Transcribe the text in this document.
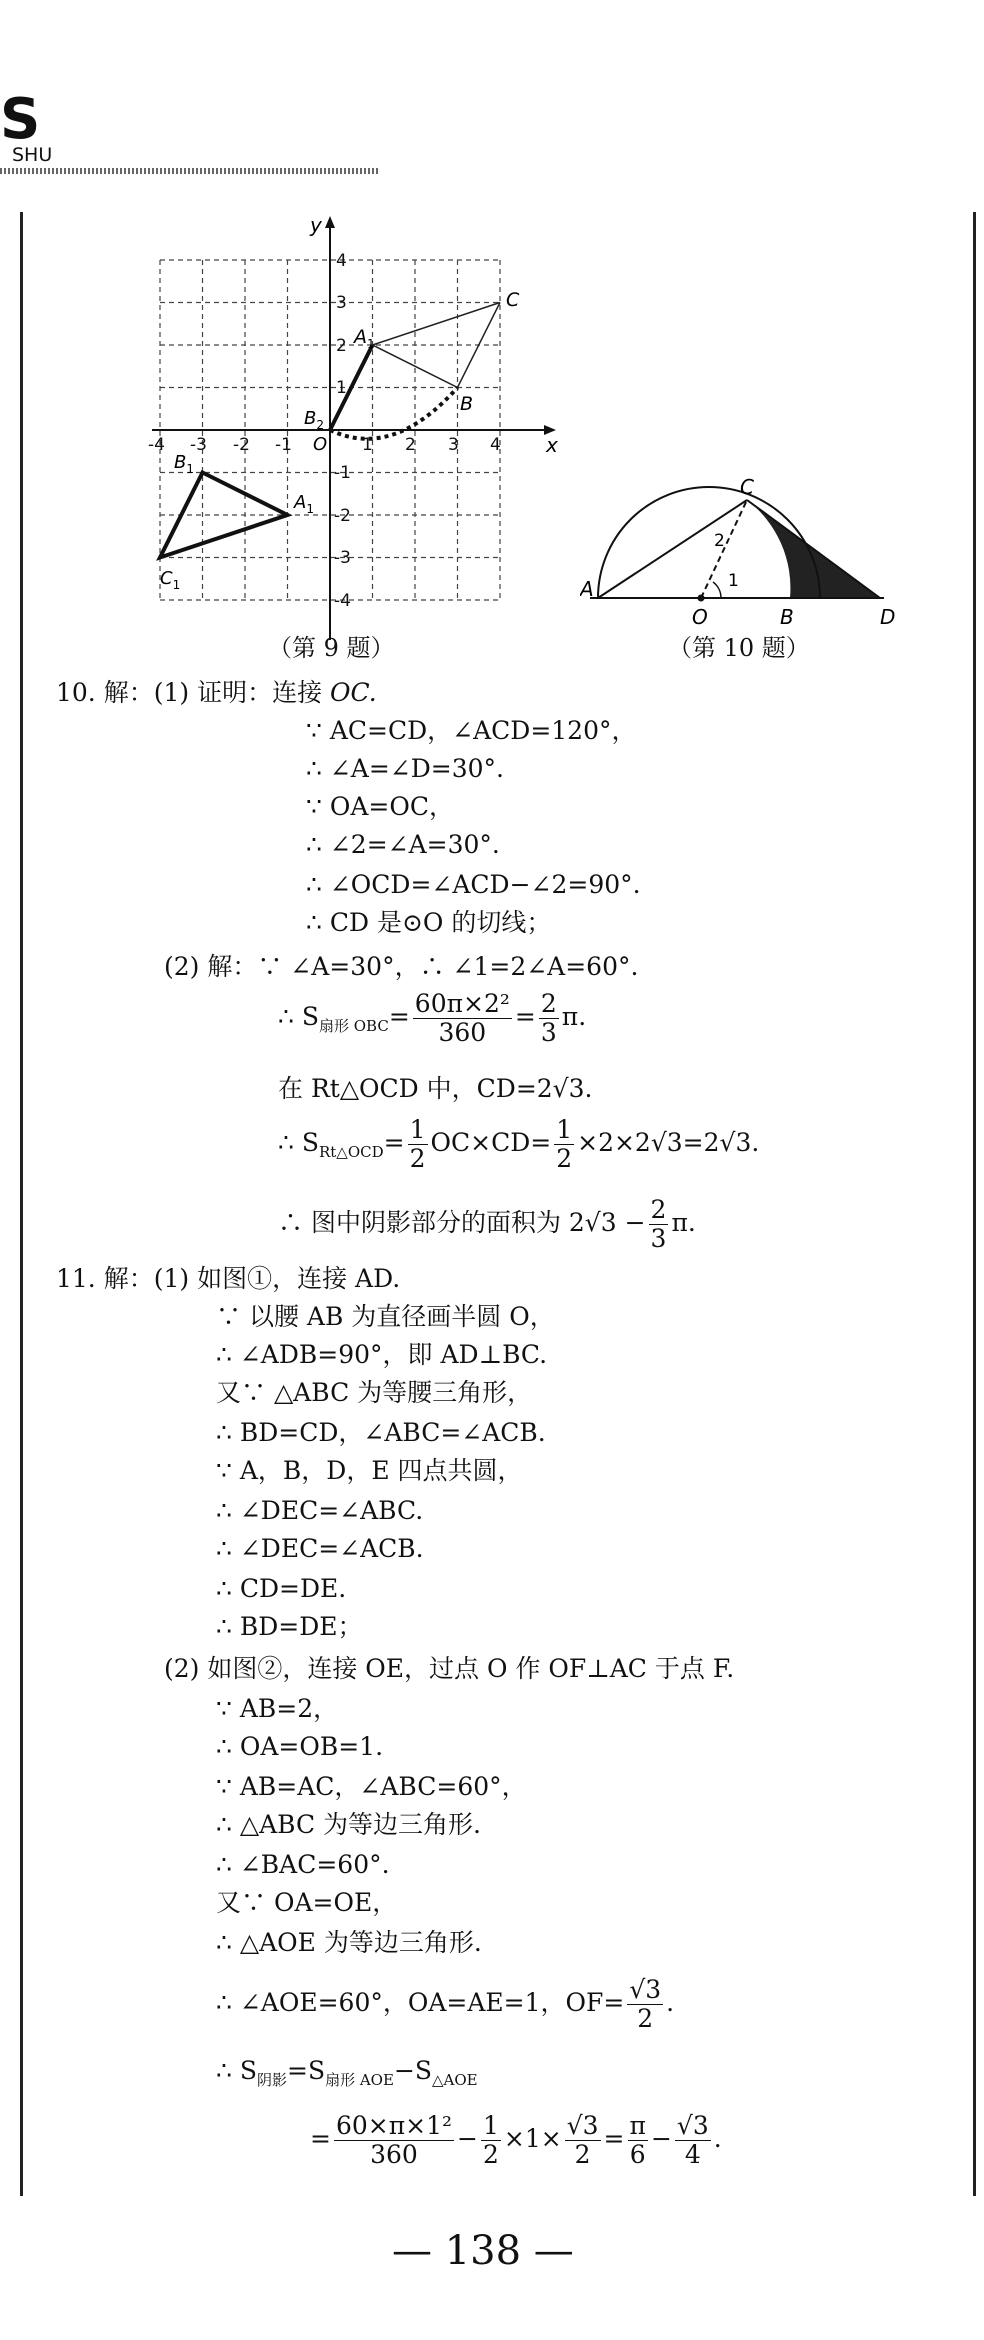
S
SHU
x
y
O
-4 -3 -2 -1	1 2 3 4
4
3
2
1
-1
-2
-3
-4
$A_1$
B
C
$B_2$
$A_1$
$B_1$
$C_1$
（第 9 题）
A
O	B
C
D
1
2
（第 10 题）
10. 解：(1) 证明：连接 OC.
∵ AC=CD，∠ACD=120°，
∴ ∠A=∠D=30°.
∵ OA=OC，
∴ ∠2=∠A=30°.
∴ ∠OCD=∠ACD−∠2=90°.
∴ CD 是⊙O 的切线；
(2) 解：∵ ∠A=30°，∴ ∠1=2∠A=60°.
∴ $S_{扇形 OBC}= \frac{\text{60π×2²}}{360} = \frac{2}{3} \pi$.
在 Rt△OCD 中，CD=2√3.
∴ $S_{Rt\triangle OCD}= \frac{1}{2} OC\times CD= \frac{1}{2} \times 2\times 2√3=2√3$.
∴ 图中阴影部分的面积为 $2√3 - \frac{2}{3} \pi$.
11. 解：(1) 如图①，连接 AD.
∵ 以腰 AB 为直径画半圆 O，
∴ ∠ADB=90°，即 AD⊥BC.
又∵ △ABC 为等腰三角形，
∴ BD=CD，∠ABC=∠ACB.
∵ A，B，D，E 四点共圆，
∴ ∠DEC=∠ABC.
∴ ∠DEC=∠ACB.
∴ CD=DE.
∴ BD=DE；
(2) 如图②，连接 OE，过点 O 作 OF⊥AC 于点 F.
∵ AB=2，
∴ OA=OB=1.
∵ AB=AC，∠ABC=60°，
∴ △ABC 为等边三角形.
∴ ∠BAC=60°.
又∵ OA=OE，
∴ △AOE 为等边三角形.
∴ ∠AOE=60°，OA=AE=1，$OF= \frac{√3}{2}$ .
∴ $S_{阴影}=S_{扇形 AOE}-S_{\triangle AOE}$
= $\frac{\text{60×π×1²}}{360} - \frac{1}{2} \times 1\times \frac{√3}{2} = \frac{\pi}{6} - \frac{√3}{4}$ .
— 138 —
